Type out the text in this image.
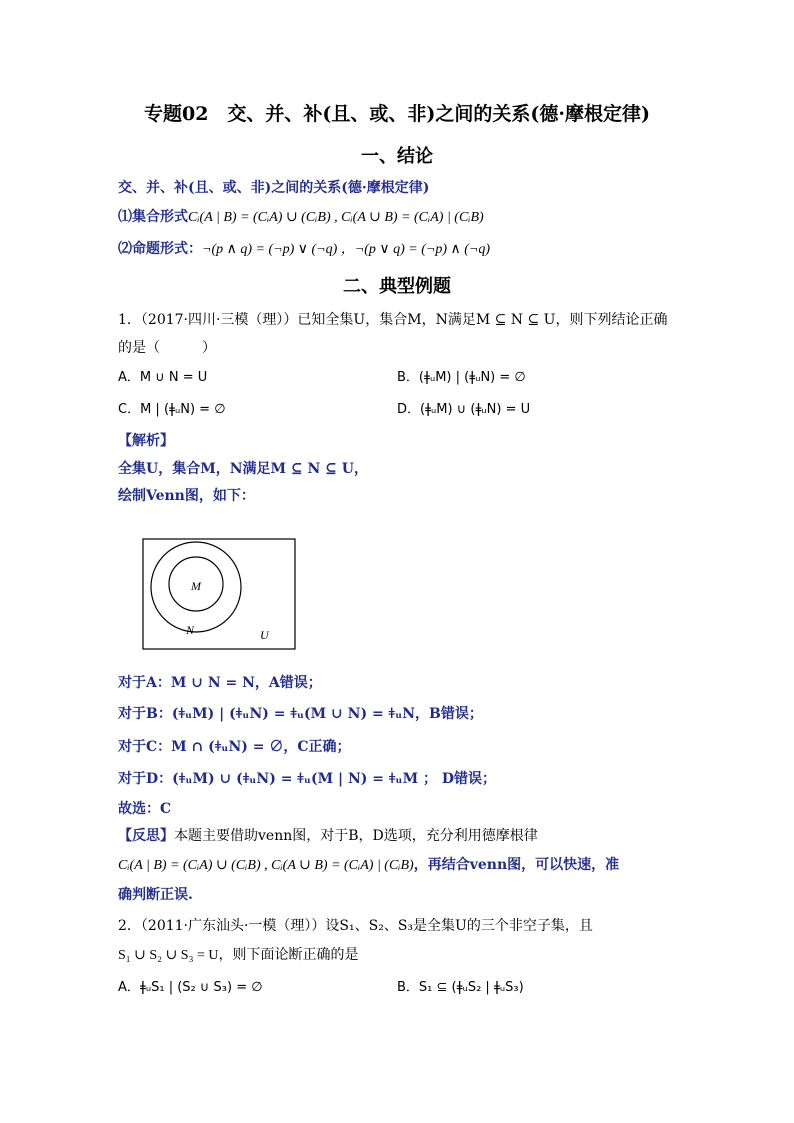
专题02　交、并、补(且、或、非)之间的关系(德·摩根定律)
一、结论
交、并、补(且、或、非)之间的关系(德·摩根定律)
⑴集合形式Cᵢ(A | B) = (CᵢA) ∪ (CᵢB) , Cᵢ(A ∪ B) = (CᵢA) | (CᵢB)
⑵命题形式：¬(p ∧ q) = (¬p) ∨ (¬q) ，¬(p ∨ q) = (¬p) ∧ (¬q)
二、典型例题
1．（2017·四川·三模（理））已知全集U，集合M，N满足M ⊆ N ⊆ U，则下列结论正确
的是（　　　）
A．M ∪ N = U	B．(ǂᵤM) | (ǂᵤN) = ∅
C．M | (ǂᵤN) = ∅	D．(ǂᵤM) ∪ (ǂᵤN) = U
【解析】
全集U，集合M，N满足M ⊆ N ⊆ U，
绘制Venn图，如下：
M
N	U
对于A：M ∪ N = N，A错误；
对于B：(ǂᵤM) | (ǂᵤN) = ǂᵤ(M ∪ N) = ǂᵤN，B错误；
对于C：M ∩ (ǂᵤN) = ∅，C正确；
对于D：(ǂᵤM) ∪ (ǂᵤN) = ǂᵤ(M | N) = ǂᵤM ； D错误；
故选：C
【反思】本题主要借助venn图，对于B，D选项，充分利用德摩根律
Cᵢ(A | B) = (CᵢA) ∪ (CᵢB) , Cᵢ(A ∪ B) = (CᵢA) | (CᵢB)，再结合venn图，可以快速，准
确判断正误.
2．（2011·广东汕头·一模（理））设S₁、S₂、S₃是全集U的三个非空子集，且
S₁ ∪ S₂ ∪ S₃ = U，则下面论断正确的是
A．ǂᵤS₁ | (S₂ ∪ S₃) = ∅	B．S₁ ⊆ (ǂᵤS₂ | ǂᵤS₃)
